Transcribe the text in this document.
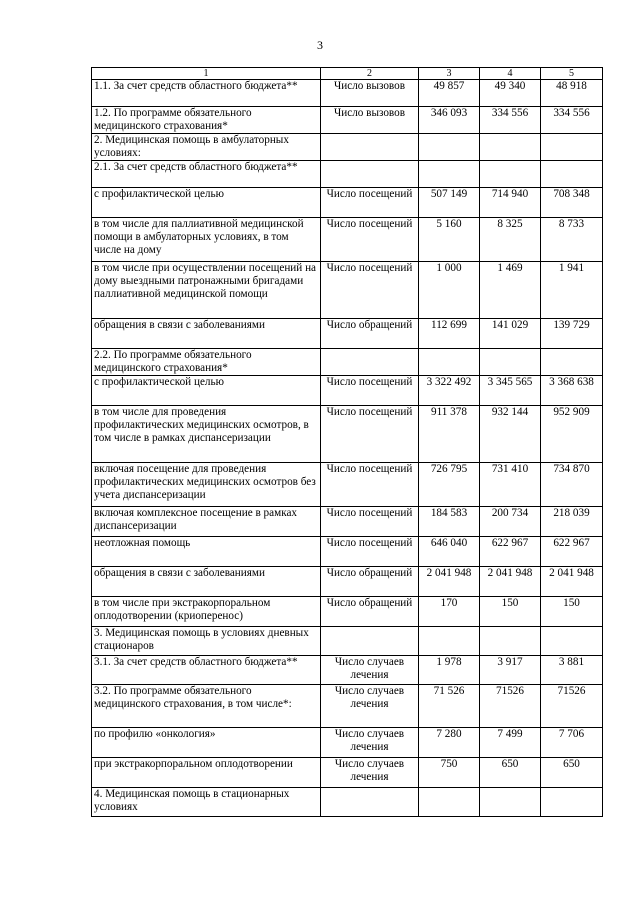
3
1	2	3	4	5
1.1. За счет средств областного бюджета**	Число вызовов	49 857	49 340	48 918
1.2. По программе обязательного медицинского страхования*	Число вызовов	346 093	334 556	334 556
2. Медицинская помощь в амбулаторных условиях:				
2.1. За счет средств областного бюджета**				
с профилактической целью	Число посещений	507 149	714 940	708 348
в том числе для паллиативной медицинской помощи в амбулаторных условиях, в том числе на дому	Число посещений	5 160	8 325	8 733
в том числе при осуществлении посещений на дому выездными патронажными бригадами паллиативной медицинской помощи	Число посещений	1 000	1 469	1 941
обращения в связи с заболеваниями	Число обращений	112 699	141 029	139 729
2.2. По программе обязательного медицинского страхования*				
с профилактической целью	Число посещений	3 322 492	3 345 565	3 368 638
в том числе для проведения профилактических медицинских осмотров, в том числе в рамках диспансеризации	Число посещений	911 378	932 144	952 909
включая посещение для проведения профилактических медицинских осмотров без учета диспансеризации	Число посещений	726 795	731 410	734 870
включая комплексное посещение в рамках диспансеризации	Число посещений	184 583	200 734	218 039
неотложная помощь	Число посещений	646 040	622 967	622 967
обращения в связи с заболеваниями	Число обращений	2 041 948	2 041 948	2 041 948
в том числе при экстракорпоральном оплодотворении (криоперенос)	Число обращений	170	150	150
3. Медицинская помощь в условиях дневных стационаров				
3.1. За счет средств областного бюджета**	Число случаев лечения	1 978	3 917	3 881
3.2. По программе обязательного медицинского страхования, в том числе*:	Число случаев лечения	71 526	71526	71526
по профилю «онкология»	Число случаев лечения	7 280	7 499	7 706
при экстракорпоральном оплодотворении	Число случаев лечения	750	650	650
4. Медицинская помощь в стационарных условиях				
